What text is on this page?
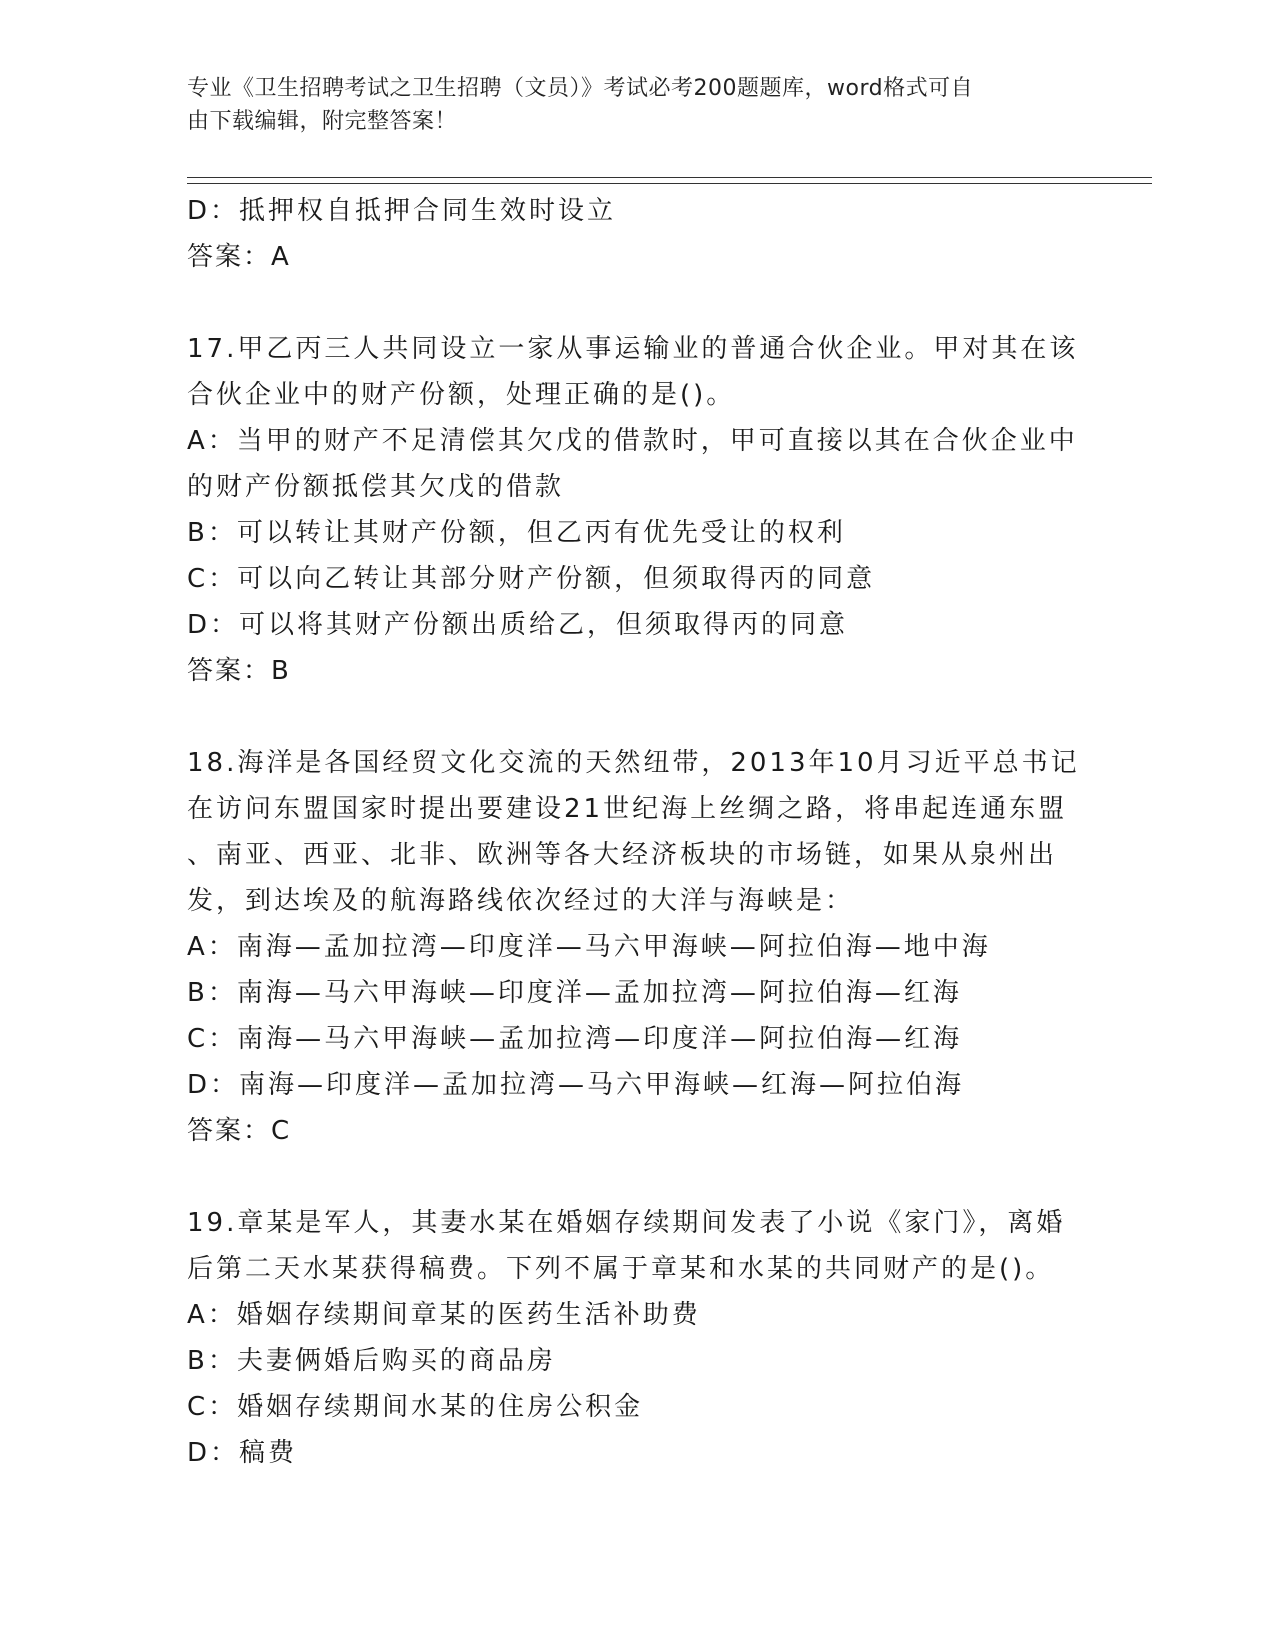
专业《卫生招聘考试之卫生招聘（文员）》考试必考200题题库，word格式可自
由下载编辑，附完整答案！
D：抵押权自抵押合同生效时设立
答案：A
17.甲乙丙三人共同设立一家从事运输业的普通合伙企业。甲对其在该
合伙企业中的财产份额，处理正确的是()。
A：当甲的财产不足清偿其欠戊的借款时，甲可直接以其在合伙企业中
的财产份额抵偿其欠戊的借款
B：可以转让其财产份额，但乙丙有优先受让的权利
C：可以向乙转让其部分财产份额，但须取得丙的同意
D：可以将其财产份额出质给乙，但须取得丙的同意
答案：B
18.海洋是各国经贸文化交流的天然纽带，2013年10月习近平总书记
在访问东盟国家时提出要建设21世纪海上丝绸之路，将串起连通东盟
、南亚、西亚、北非、欧洲等各大经济板块的市场链，如果从泉州出
发，到达埃及的航海路线依次经过的大洋与海峡是：
A：南海—孟加拉湾—印度洋—马六甲海峡—阿拉伯海—地中海
B：南海—马六甲海峡—印度洋—孟加拉湾—阿拉伯海—红海
C：南海—马六甲海峡—孟加拉湾—印度洋—阿拉伯海—红海
D：南海—印度洋—孟加拉湾—马六甲海峡—红海—阿拉伯海
答案：C
19.章某是军人，其妻水某在婚姻存续期间发表了小说《家门》，离婚
后第二天水某获得稿费。下列不属于章某和水某的共同财产的是()。
A：婚姻存续期间章某的医药生活补助费
B：夫妻俩婚后购买的商品房
C：婚姻存续期间水某的住房公积金
D：稿费
